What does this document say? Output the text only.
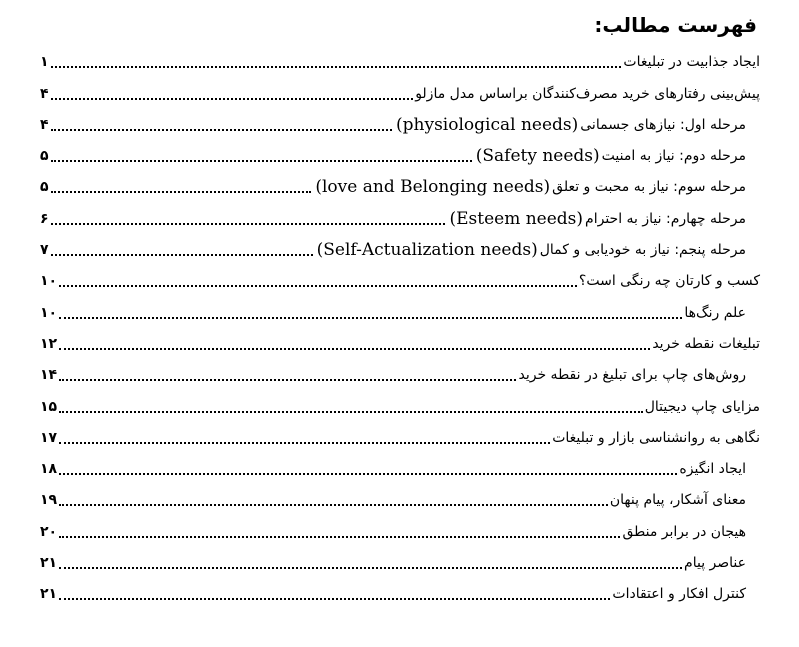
فهرست مطالب:
ایجاد جذابیت در تبلیغات
۱
پیش‌بینی رفتارهای خرید مصرف‌کنندگان براساس مدل مازلو
۴
مرحله اول: نیازهای جسمانی
(physiological needs)
۴
مرحله دوم: نیاز به امنیت
(Safety needs)
۵
مرحله سوم: نیاز به محبت و تعلق
(love and Belonging needs)
۵
مرحله چهارم: نیاز به احترام
(Esteem needs)
۶
مرحله پنجم: نیاز به خودیابی و کمال
(Self-Actualization needs)
۷
کسب و کارتان چه رنگی است؟
۱۰
علم رنگ‌ها
۱۰
تبلیغات نقطه خرید
۱۲
روش‌های چاپ برای تبلیغ در نقطه خرید
۱۴
مزایای چاپ دیجیتال
۱۵
نگاهی به روانشناسی بازار و تبلیغات
۱۷
ایجاد انگیزه
۱۸
معنای آشکار، پیام پنهان
۱۹
هیجان در برابر منطق
۲۰
عناصر پیام
۲۱
کنترل افکار و اعتقادات
۲۱
